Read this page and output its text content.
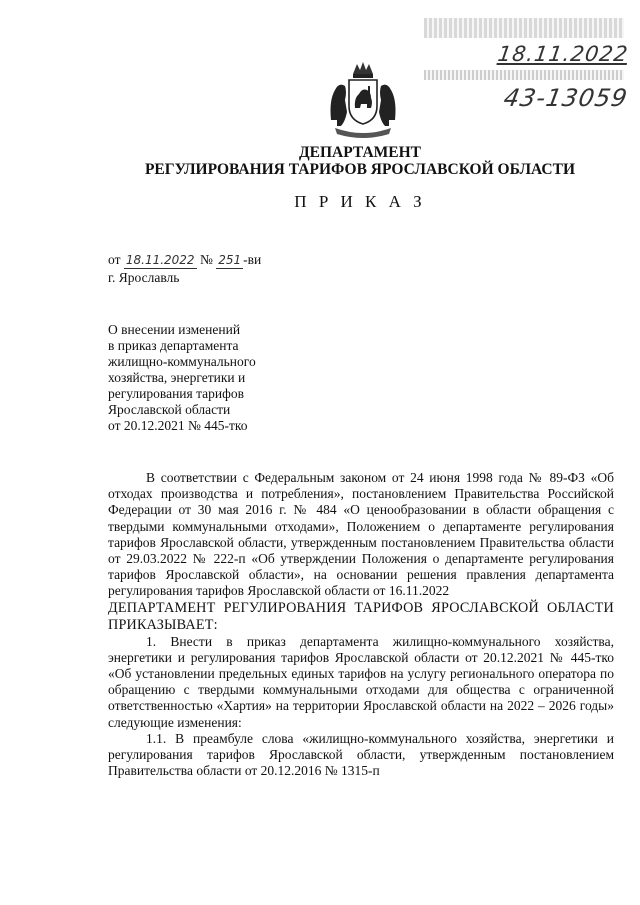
18.11.2022
43-13059
ДЕПАРТАМЕНТ
РЕГУЛИРОВАНИЯ ТАРИФОВ ЯРОСЛАВСКОЙ ОБЛАСТИ
П Р И К А З
от 18.11.2022 № 251 -ви
г. Ярославль
О внесении изменений
в приказ департамента
жилищно-коммунального
хозяйства, энергетики и
регулирования тарифов
Ярославской области
от 20.12.2021 № 445-тко

В соответствии с Федеральным законом от 24 июня 1998 года № 89-ФЗ «Об отходах производства и потребления», постановлением Правительства Российской Федерации от 30 мая 2016 г. № 484 «О ценообразовании в области обращения с твердыми коммунальными отходами», Положением о департаменте регулирования тарифов Ярославской области, утвержденным постановлением Правительства области от 29.03.2022 № 222-п «Об утверждении Положения о департаменте регулирования тарифов Ярославской области», на основании решения правления департамента регулирования тарифов Ярославской области от 16.11.2022

ДЕПАРТАМЕНТ РЕГУЛИРОВАНИЯ ТАРИФОВ ЯРОСЛАВСКОЙ ОБЛАСТИ ПРИКАЗЫВАЕТ:

1. Внести в приказ департамента жилищно-коммунального хозяйства, энергетики и регулирования тарифов Ярославской области от 20.12.2021 № 445-тко «Об установлении предельных единых тарифов на услугу регионального оператора по обращению с твердыми коммунальными отходами для общества с ограниченной ответственностью «Хартия» на территории Ярославской области на 2022 – 2026 годы» следующие изменения:

1.1. В преамбуле слова «жилищно-коммунального хозяйства, энергетики и регулирования тарифов Ярославской области, утвержденным постановлением Правительства области от 20.12.2016 № 1315-п
